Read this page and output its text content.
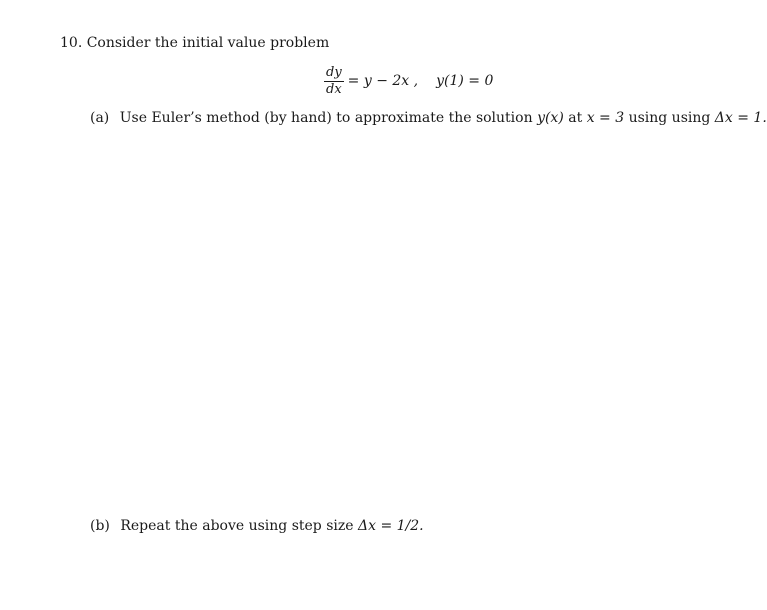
10. Consider the initial value problem
$\frac{dy}{dx} = y - 2x$ , y(1) = 0
(a) Use Euler’s method (by hand) to approximate the solution y(x) at x = 3 using using Δx = 1.
(b) Repeat the above using step size Δx = 1/2.
